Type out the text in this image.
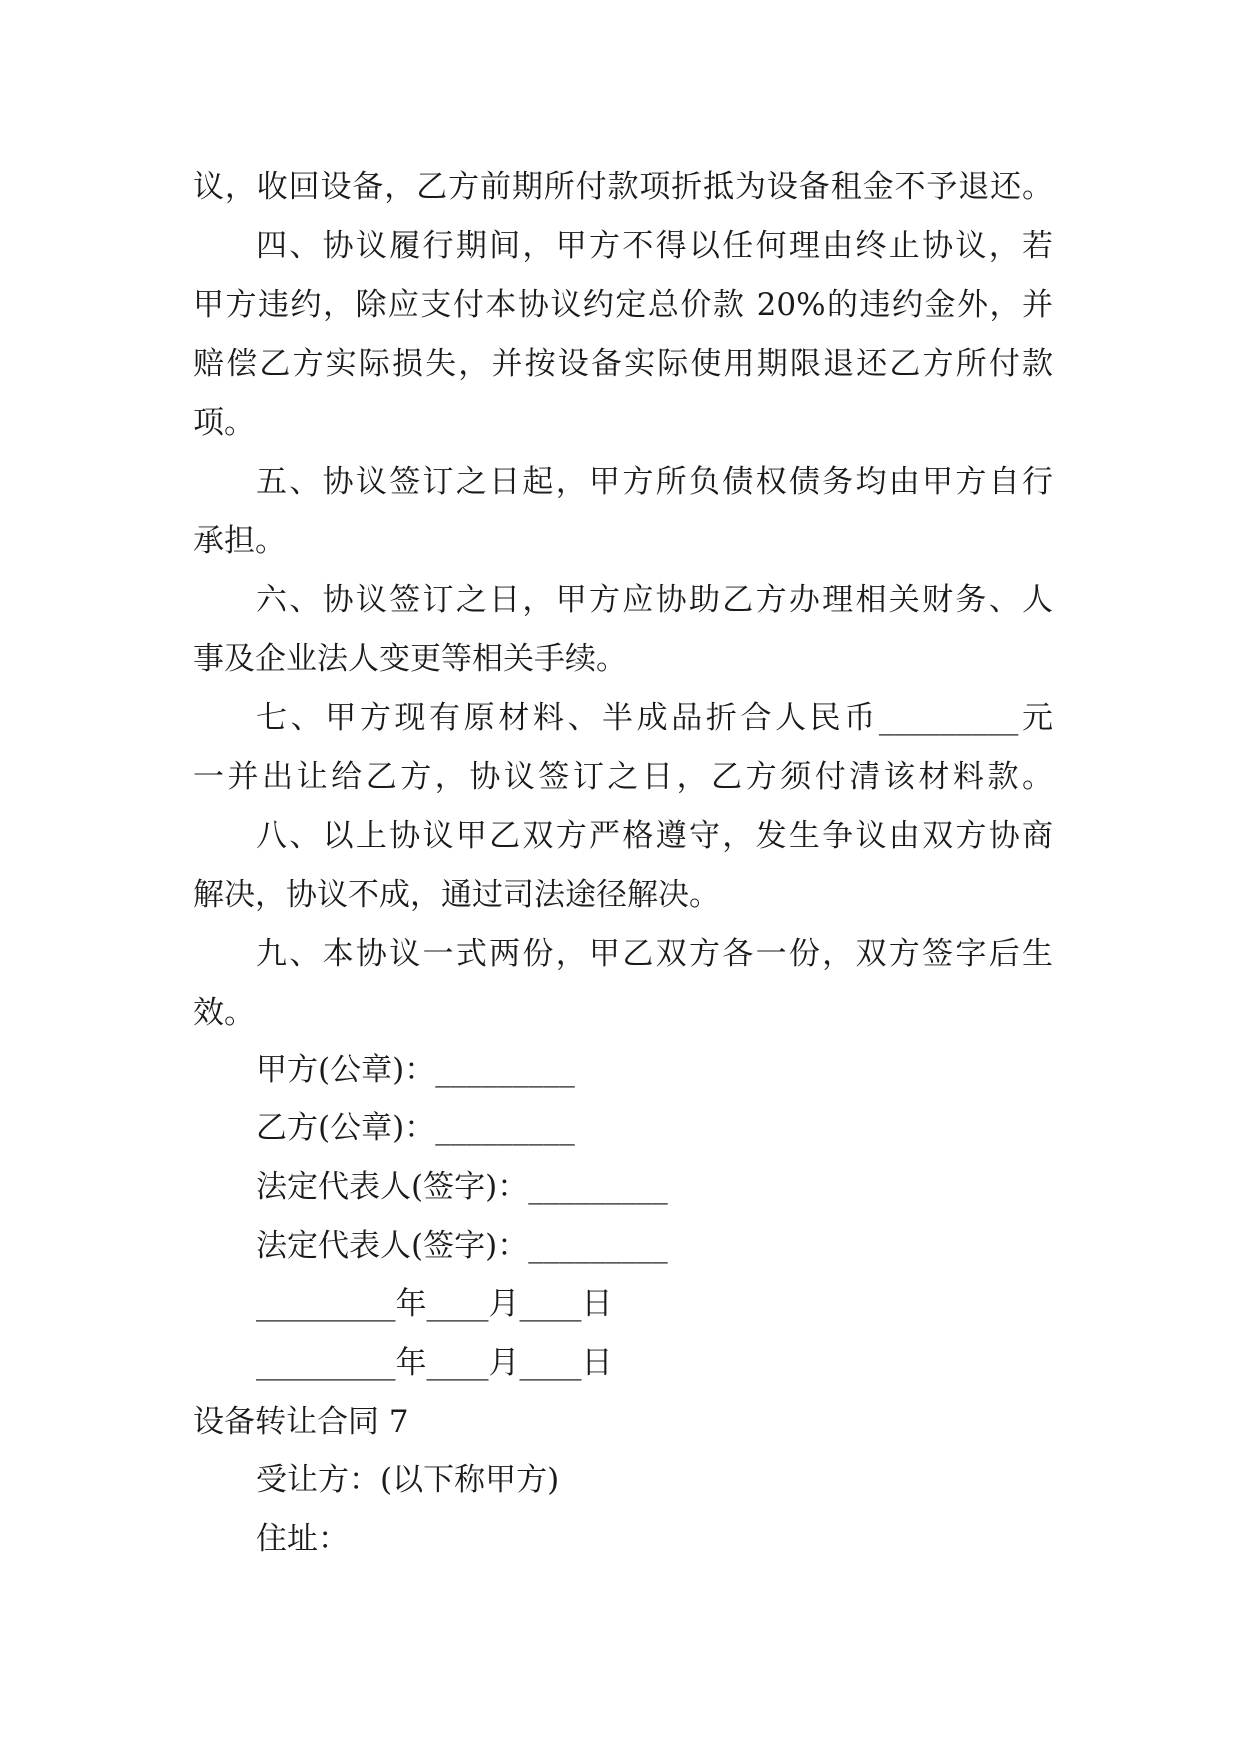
议，收回设备，乙方前期所付款项折抵为设备租金不予退还。
四、协议履行期间，甲方不得以任何理由终止协议，若
甲方违约，除应支付本协议约定总价款 20%的违约金外，并
赔偿乙方实际损失，并按设备实际使用期限退还乙方所付款
项。
五、协议签订之日起，甲方所负债权债务均由甲方自行
承担。
六、协议签订之日，甲方应协助乙方办理相关财务、人
事及企业法人变更等相关手续。
七、甲方现有原材料、半成品折合人民币_________元
一并出让给乙方，协议签订之日，乙方须付清该材料款。
八、以上协议甲乙双方严格遵守，发生争议由双方协商
解决，协议不成，通过司法途径解决。
九、本协议一式两份，甲乙双方各一份，双方签字后生
效。
甲方(公章)：_________
乙方(公章)：_________
法定代表人(签字)：_________
法定代表人(签字)：_________
_________年____月____日
_________年____月____日
设备转让合同 7
受让方：(以下称甲方)
住址：
